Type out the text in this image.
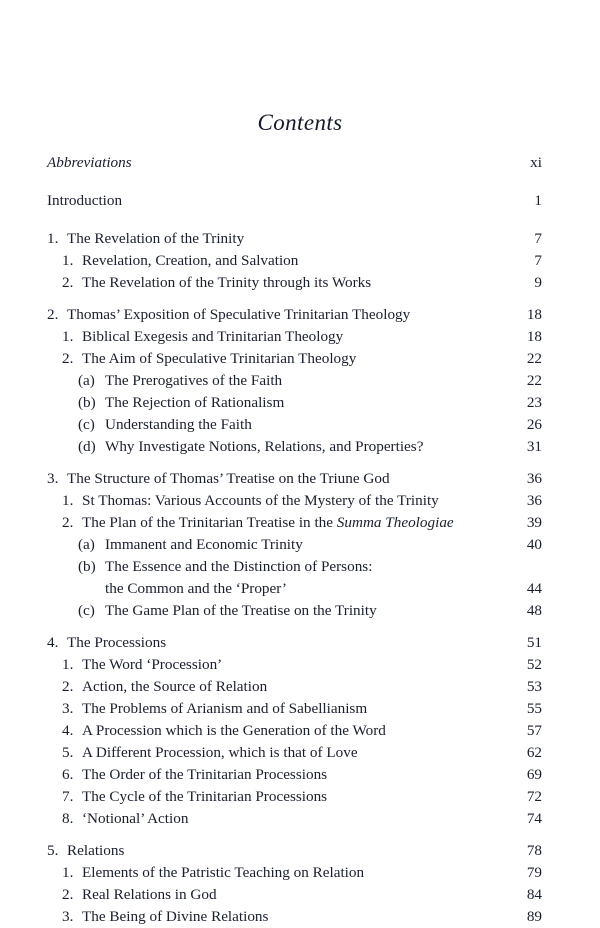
Contents
Abbreviations	xi
Introduction	1
1. The Revelation of the Trinity	7
1. Revelation, Creation, and Salvation	7
2. The Revelation of the Trinity through its Works	9
2. Thomas’ Exposition of Speculative Trinitarian Theology	18
1. Biblical Exegesis and Trinitarian Theology	18
2. The Aim of Speculative Trinitarian Theology	22
(a) The Prerogatives of the Faith	22
(b) The Rejection of Rationalism	23
(c) Understanding the Faith	26
(d) Why Investigate Notions, Relations, and Properties?	31
3. The Structure of Thomas’ Treatise on the Triune God	36
1. St Thomas: Various Accounts of the Mystery of the Trinity	36
2. The Plan of the Trinitarian Treatise in the Summa Theologiae	39
(a) Immanent and Economic Trinity	40
(b) The Essence and the Distinction of Persons:
the Common and the ‘Proper’	44
(c) The Game Plan of the Treatise on the Trinity	48
4. The Processions	51
1. The Word ‘Procession’	52
2. Action, the Source of Relation	53
3. The Problems of Arianism and of Sabellianism	55
4. A Procession which is the Generation of the Word	57
5. A Different Procession, which is that of Love	62
6. The Order of the Trinitarian Processions	69
7. The Cycle of the Trinitarian Processions	72
8. ‘Notional’ Action	74
5. Relations	78
1. Elements of the Patristic Teaching on Relation	79
2. Real Relations in God	84
3. The Being of Divine Relations	89
